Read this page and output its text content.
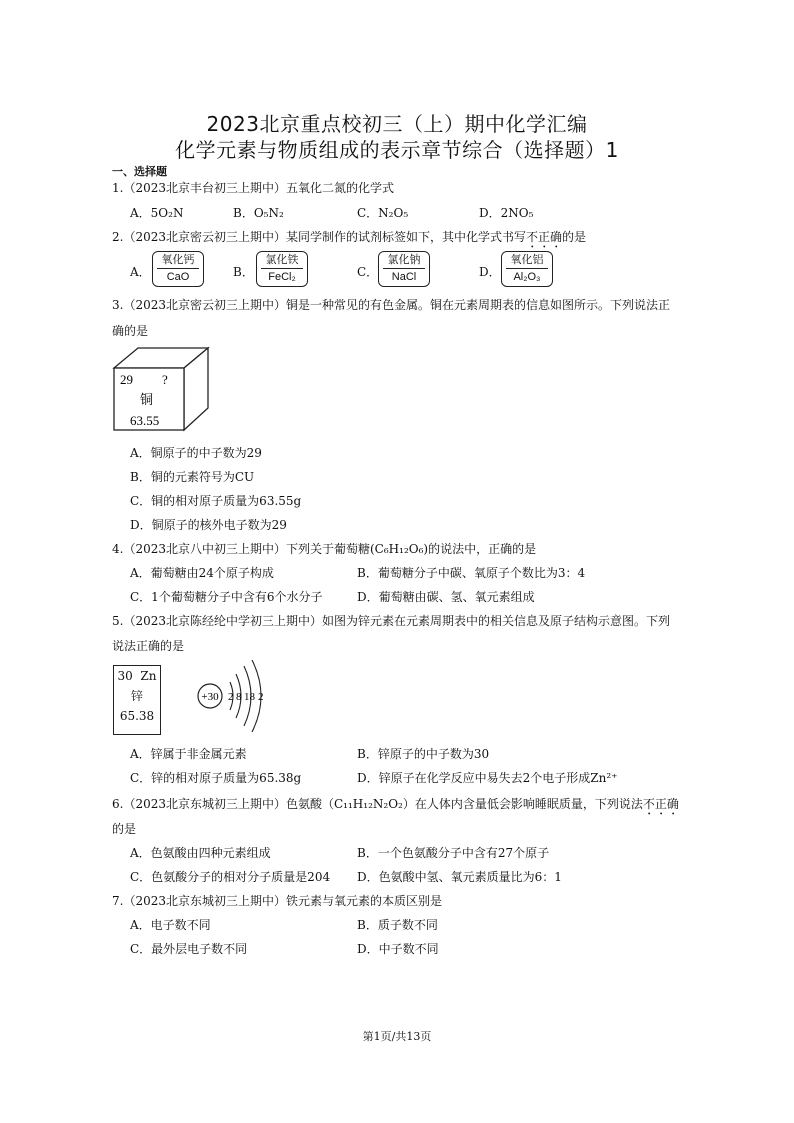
2023北京重点校初三（上）期中化学汇编
化学元素与物质组成的表示章节综合（选择题）1
一、选择题
1.（2023北京丰台初三上期中）五氧化二氮的化学式
A．5O₂N	B．O₅N₂	C．N₂O₅	D．2NO₅
2.（2023北京密云初三上期中）某同学制作的试剂标签如下，其中化学式书写不正确的是
A．
氧化钙
CaO	B．
氯化铁
FeCl₂	C．
氯化钠
NaCl	D．
氧化铝
Al₂O₃
3.（2023北京密云初三上期中）铜是一种常见的有色金属。铜在元素周期表的信息如图所示。下列说法正
确的是
29 ?
铜
63.55
A．铜原子的中子数为29
B．铜的元素符号为CU
C．铜的相对原子质量为63.55g
D．铜原子的核外电子数为29
4.（2023北京八中初三上期中）下列关于葡萄糖(C₆H₁₂O₆)的说法中，正确的是
A．葡萄糖由24个原子构成	B．葡萄糖分子中碳、氧原子个数比为3：4
C．1个葡萄糖分子中含有6个水分子	D．葡萄糖由碳、氢、氧元素组成
5.（2023北京陈经纶中学初三上期中）如图为锌元素在元素周期表中的相关信息及原子结构示意图。下列
说法正确的是
30 Zn
锌
65.38
+30 2 8 18 2
A．锌属于非金属元素	B．锌原子的中子数为30
C．锌的相对原子质量为65.38g	D．锌原子在化学反应中易失去2个电子形成Zn²⁺
6.（2023北京东城初三上期中）色氨酸（C₁₁H₁₂N₂O₂）在人体内含量低会影响睡眠质量，下列说法不正确
的是
A．色氨酸由四种元素组成	B．一个色氨酸分子中含有27个原子
C．色氨酸分子的相对分子质量是204 D．色氨酸中氢、氧元素质量比为6：1
7.（2023北京东城初三上期中）铁元素与氧元素的本质区别是
A．电子数不同	B．质子数不同
C．最外层电子数不同	D．中子数不同
第1页/共13页
